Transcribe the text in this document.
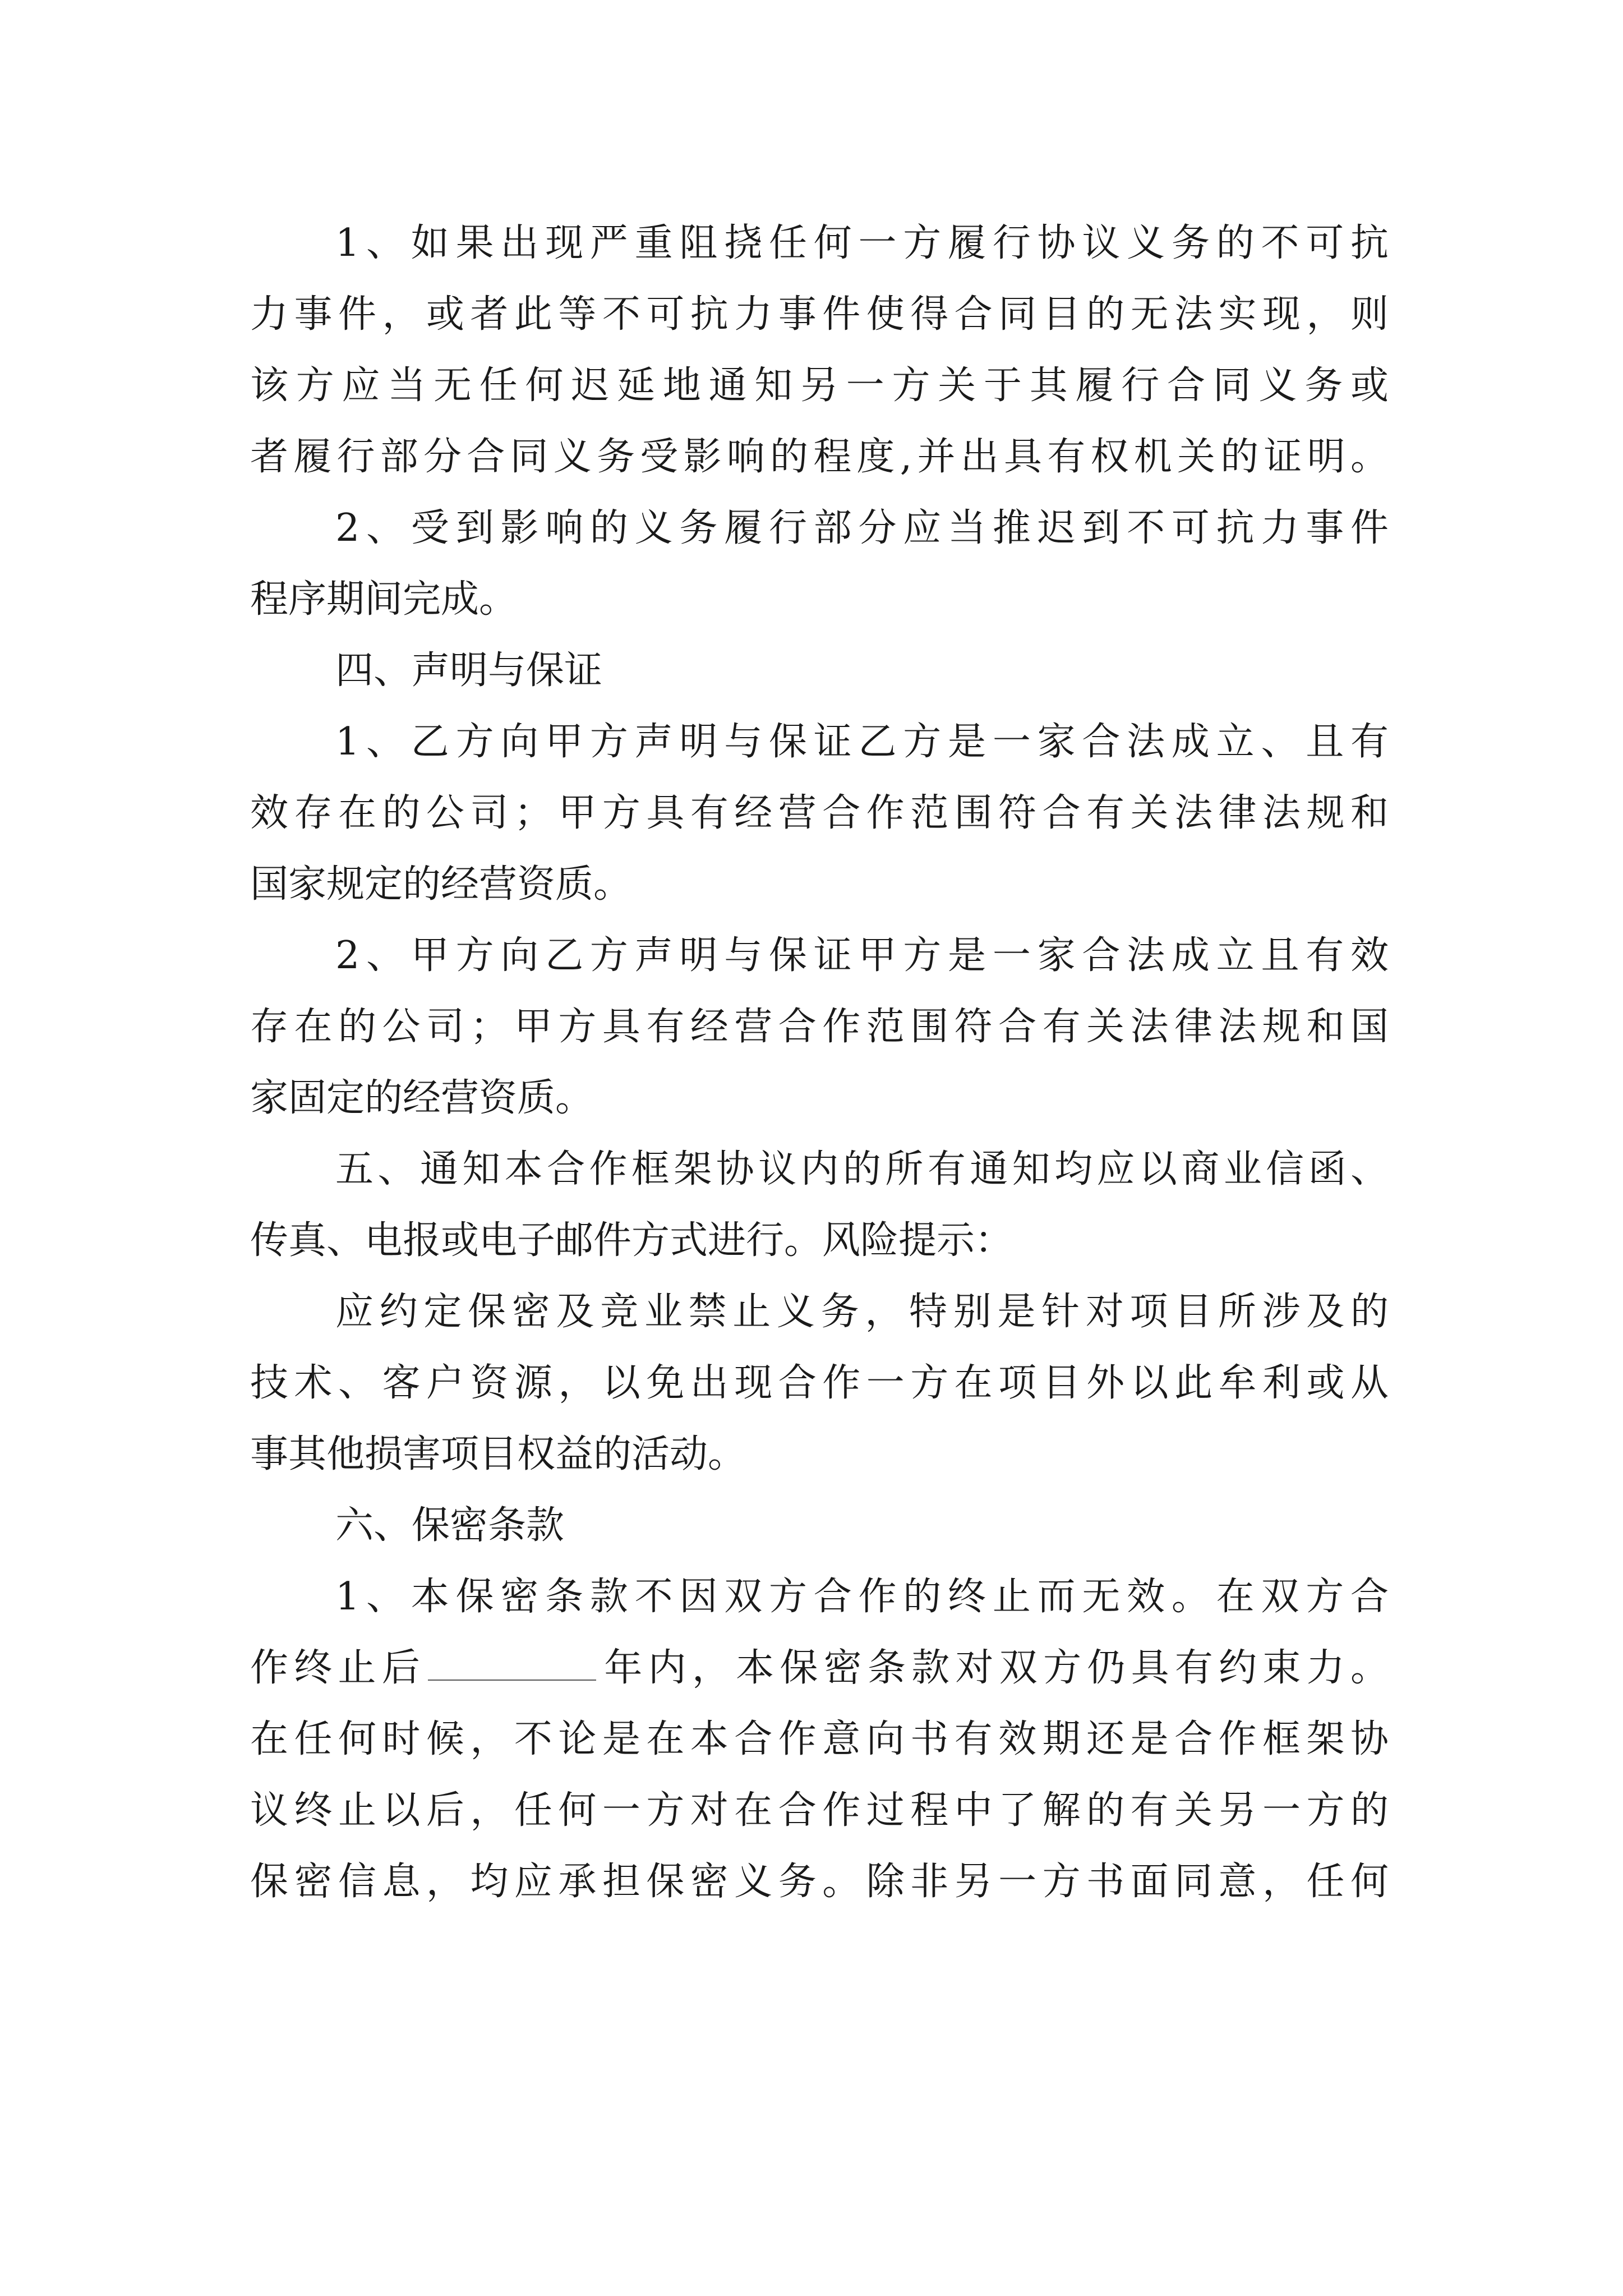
1、如果出现严重阻挠任何一方履行协议义务的不可抗
力事件，或者此等不可抗力事件使得合同目的无法实现，则
该方应当无任何迟延地通知另一方关于其履行合同义务或
者履行部分合同义务受影响的程度,并出具有权机关的证明。
2、受到影响的义务履行部分应当推迟到不可抗力事件
程序期间完成。
四、声明与保证
1、乙方向甲方声明与保证乙方是一家合法成立、且有
效存在的公司；甲方具有经营合作范围符合有关法律法规和
国家规定的经营资质。
2、甲方向乙方声明与保证甲方是一家合法成立且有效
存在的公司；甲方具有经营合作范围符合有关法律法规和国
家固定的经营资质。
五、通知本合作框架协议内的所有通知均应以商业信函、
传真、电报或电子邮件方式进行。风险提示：
应约定保密及竞业禁止义务，特别是针对项目所涉及的
技术、客户资源，以免出现合作一方在项目外以此牟利或从
事其他损害项目权益的活动。
六、保密条款
1、本保密条款不因双方合作的终止而无效。在双方合
作终止后	年内，本保密条款对双方仍具有约束力。
在任何时候，不论是在本合作意向书有效期还是合作框架协
议终止以后，任何一方对在合作过程中了解的有关另一方的
保密信息，均应承担保密义务。除非另一方书面同意，任何
